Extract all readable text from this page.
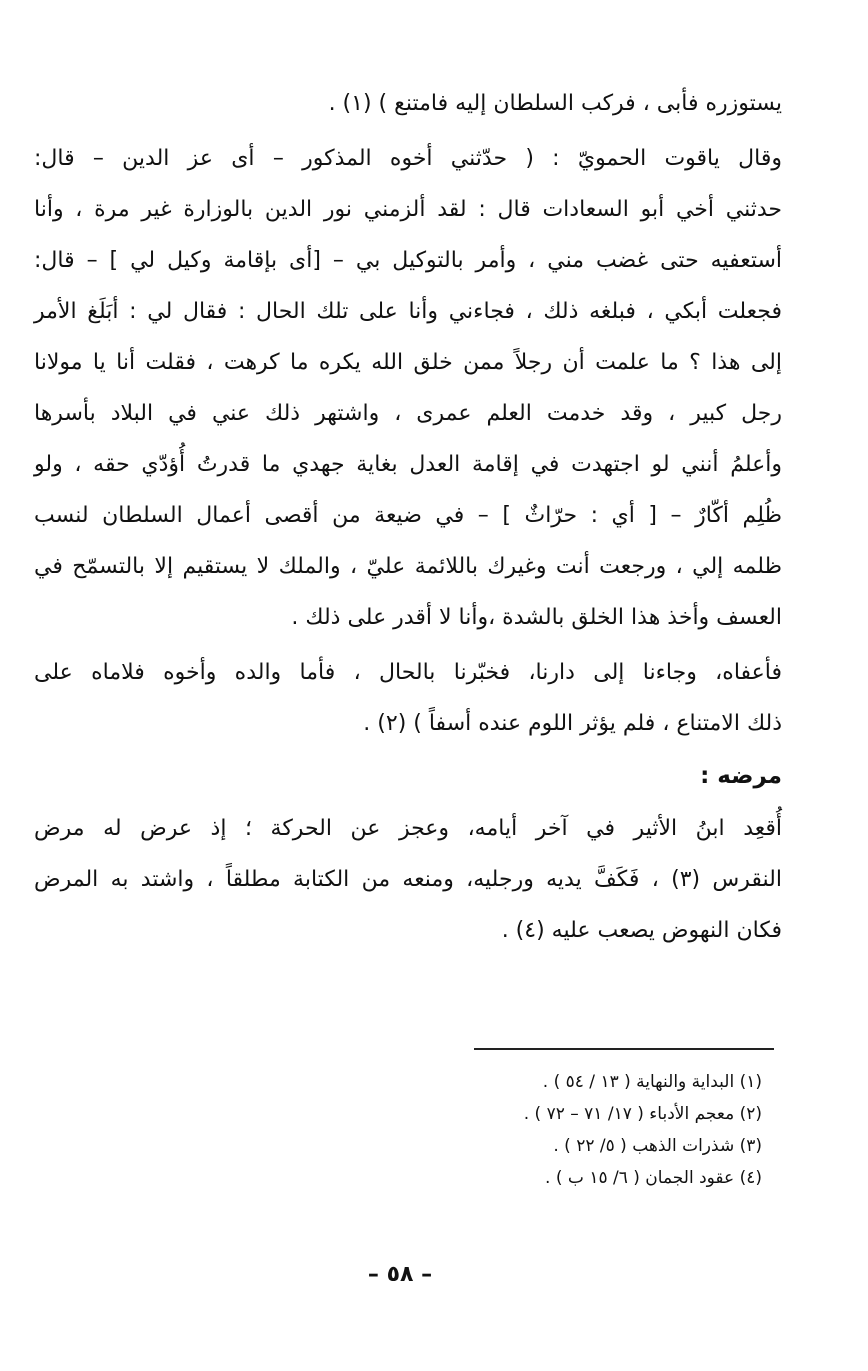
يستوزره فأبى ، فركب السلطان إليه فامتنع ) (١) .

وقال ياقوت الحمويّ : ( حدّثني أخوه المذكور – أى عز الدين – قال:
حدثني أخي أبو السعادات قال : لقد ألزمني نور الدين بالوزارة غير مرة ، وأنا
أستعفيه حتى غضب مني ، وأمر بالتوكيل بي – [أى بإقامة وكيل لي ] – قال:
فجعلت أبكي ، فبلغه ذلك ، فجاءني وأنا على تلك الحال : فقال لي : أبَلَغ الأمر
إلى هذا ؟ ما علمت أن رجلاً ممن خلق الله يكره ما كرهت ، فقلت أنا يا مولانا
رجل كبير ، وقد خدمت العلم عمرى ، واشتهر ذلك عني في البلاد بأسرها
وأعلمُ أنني لو اجتهدت في إقامة العدل بغاية جهدي ما قدرتُ أُؤدّي حقه ، ولو
ظُلِم أكّارٌ – [ أي : حرّاثٌ ] – في ضيعة من أقصى أعمال السلطان لنسب
ظلمه إلي ، ورجعت أنت وغيرك باللائمة عليّ ، والملك لا يستقيم إلا بالتسمّح في
العسف وأخذ هذا الخلق بالشدة ،وأنا لا أقدر على ذلك .

فأعفاه، وجاءنا إلى دارنا، فخبّرنا بالحال ، فأما والده وأخوه فلاماه على
ذلك الامتناع ، فلم يؤثر اللوم عنده أسفاً ) (٢) .

مرضه :

أُقعِد ابنُ الأثير في آخر أيامه، وعجز عن الحركة ؛ إذ عرض له مرض
النقرس (٣) ، فَكَفَّ يديه ورجليه، ومنعه من الكتابة مطلقاً ، واشتد به المرض
فكان النهوض يصعب عليه (٤) .

(١) البداية والنهاية ( ١٣ / ٥٤ ) .
(٢) معجم الأدباء ( ١٧/ ٧١ – ٧٢ ) .
(٣) شذرات الذهب ( ٥/ ٢٢ ) .
(٤) عقود الجمان ( ٦/ ١٥ ب ) .
– ٥٨ –
